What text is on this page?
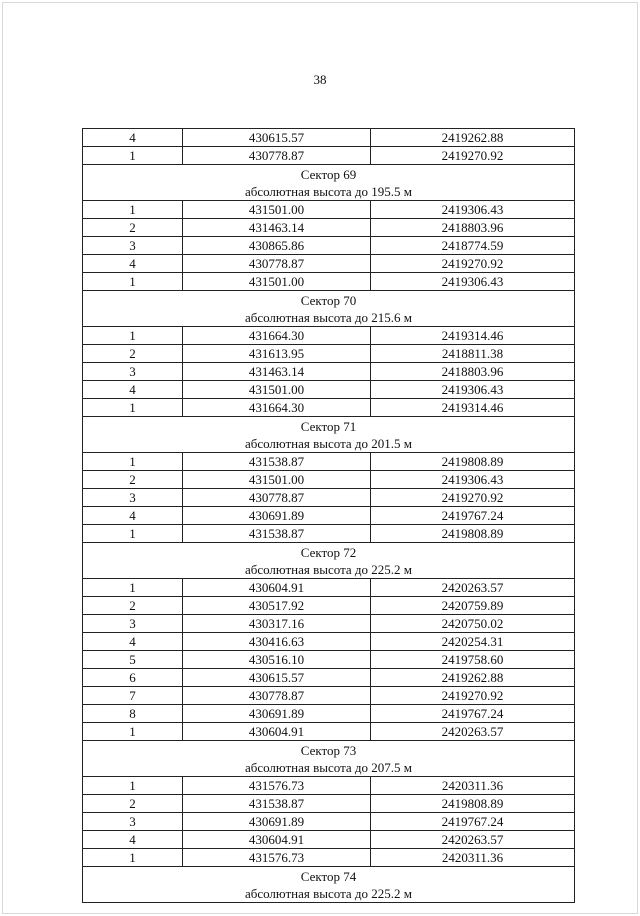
38
4	430615.57	2419262.88
1	430778.87	2419270.92

Сектор 69
абсолютная высота до 195.5 м		

1	431501.00	2419306.43
2	431463.14	2418803.96
3	430865.86	2418774.59
4	430778.87	2419270.92
1	431501.00	2419306.43

Сектор 70
абсолютная высота до 215.6 м		

1	431664.30	2419314.46
2	431613.95	2418811.38
3	431463.14	2418803.96
4	431501.00	2419306.43
1	431664.30	2419314.46

Сектор 71
абсолютная высота до 201.5 м		

1	431538.87	2419808.89
2	431501.00	2419306.43
3	430778.87	2419270.92
4	430691.89	2419767.24
1	431538.87	2419808.89

Сектор 72
абсолютная высота до 225.2 м		

1	430604.91	2420263.57
2	430517.92	2420759.89
3	430317.16	2420750.02
4	430416.63	2420254.31
5	430516.10	2419758.60
6	430615.57	2419262.88
7	430778.87	2419270.92
8	430691.89	2419767.24
1	430604.91	2420263.57

Сектор 73
абсолютная высота до 207.5 м		

1	431576.73	2420311.36
2	431538.87	2419808.89
3	430691.89	2419767.24
4	430604.91	2420263.57
1	431576.73	2420311.36

Сектор 74
абсолютная высота до 225.2 м		
